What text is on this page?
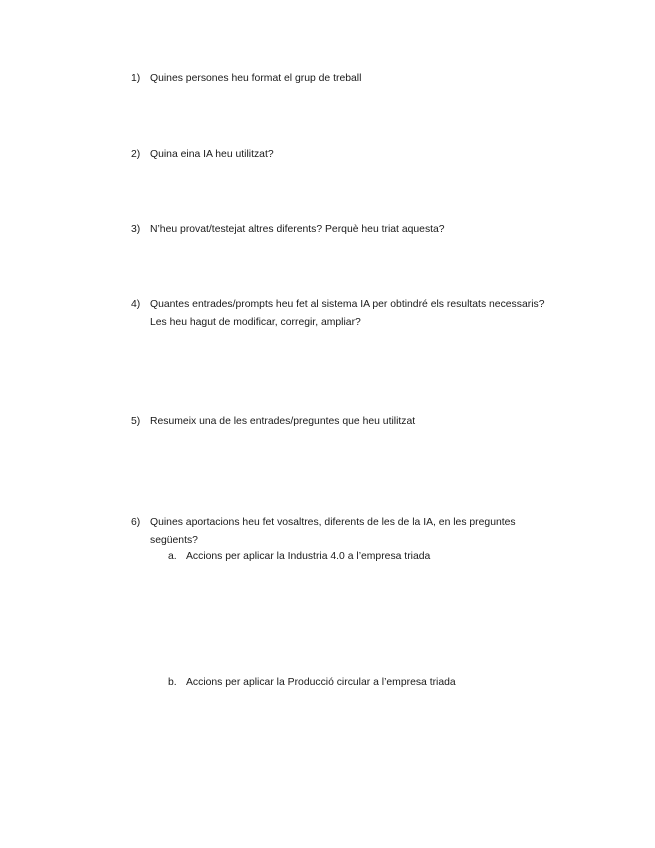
1) Quines persones heu format el grup de treball
2) Quina eina IA heu utilitzat?
3) N’heu provat/testejat altres diferents? Perquè heu triat aquesta?
4) Quantes entrades/prompts heu fet al sistema IA per obtindré els resultats necessaris? Les heu hagut de modificar, corregir, ampliar?
5) Resumeix una de les entrades/preguntes que heu utilitzat
6) Quines aportacions heu fet vosaltres, diferents de les de la IA, en les preguntes següents?
a. Accions per aplicar la Industria 4.0 a l’empresa triada
b. Accions per aplicar la Producció circular a l’empresa triada
